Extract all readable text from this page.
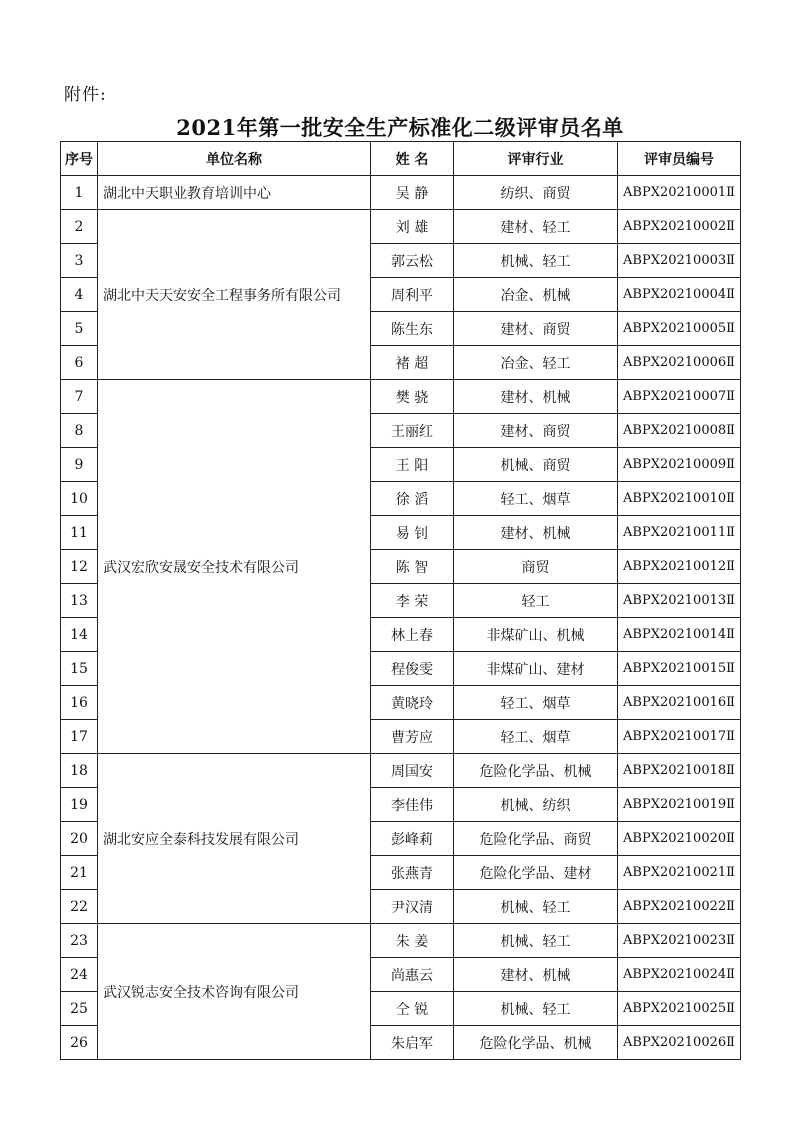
附件:
2021年第一批安全生产标准化二级评审员名单
序号	单位名称	姓 名	评审行业	评审员编号
1	湖北中天职业教育培训中心	吴 静	纺织、商贸	ABPX20210001Ⅱ
2	湖北中天天安安全工程事务所有限公司	刘 雄	建材、轻工	ABPX20210002Ⅱ
3		郭云松	机械、轻工	ABPX20210003Ⅱ
4		周利平	冶金、机械	ABPX20210004Ⅱ
5		陈生东	建材、商贸	ABPX20210005Ⅱ
6		褚 超	冶金、轻工	ABPX20210006Ⅱ
7	武汉宏欣安晟安全技术有限公司	樊 骁	建材、机械	ABPX20210007Ⅱ
8		王丽红	建材、商贸	ABPX20210008Ⅱ
9		王 阳	机械、商贸	ABPX20210009Ⅱ
10		徐 滔	轻工、烟草	ABPX20210010Ⅱ
11		易 钊	建材、机械	ABPX20210011Ⅱ
12		陈 智	商贸	ABPX20210012Ⅱ
13		李 荣	轻工	ABPX20210013Ⅱ
14		林上春	非煤矿山、机械	ABPX20210014Ⅱ
15		程俊雯	非煤矿山、建材	ABPX20210015Ⅱ
16		黄晓玲	轻工、烟草	ABPX20210016Ⅱ
17		曹芳应	轻工、烟草	ABPX20210017Ⅱ
18	湖北安应全泰科技发展有限公司	周国安	危险化学品、机械	ABPX20210018Ⅱ
19		李佳伟	机械、纺织	ABPX20210019Ⅱ
20		彭峰莉	危险化学品、商贸	ABPX20210020Ⅱ
21		张燕青	危险化学品、建材	ABPX20210021Ⅱ
22		尹汉清	机械、轻工	ABPX20210022Ⅱ
23	武汉锐志安全技术咨询有限公司	朱 姜	机械、轻工	ABPX20210023Ⅱ
24		尚惠云	建材、机械	ABPX20210024Ⅱ
25		仝 锐	机械、轻工	ABPX20210025Ⅱ
26		朱启军	危险化学品、机械	ABPX20210026Ⅱ
